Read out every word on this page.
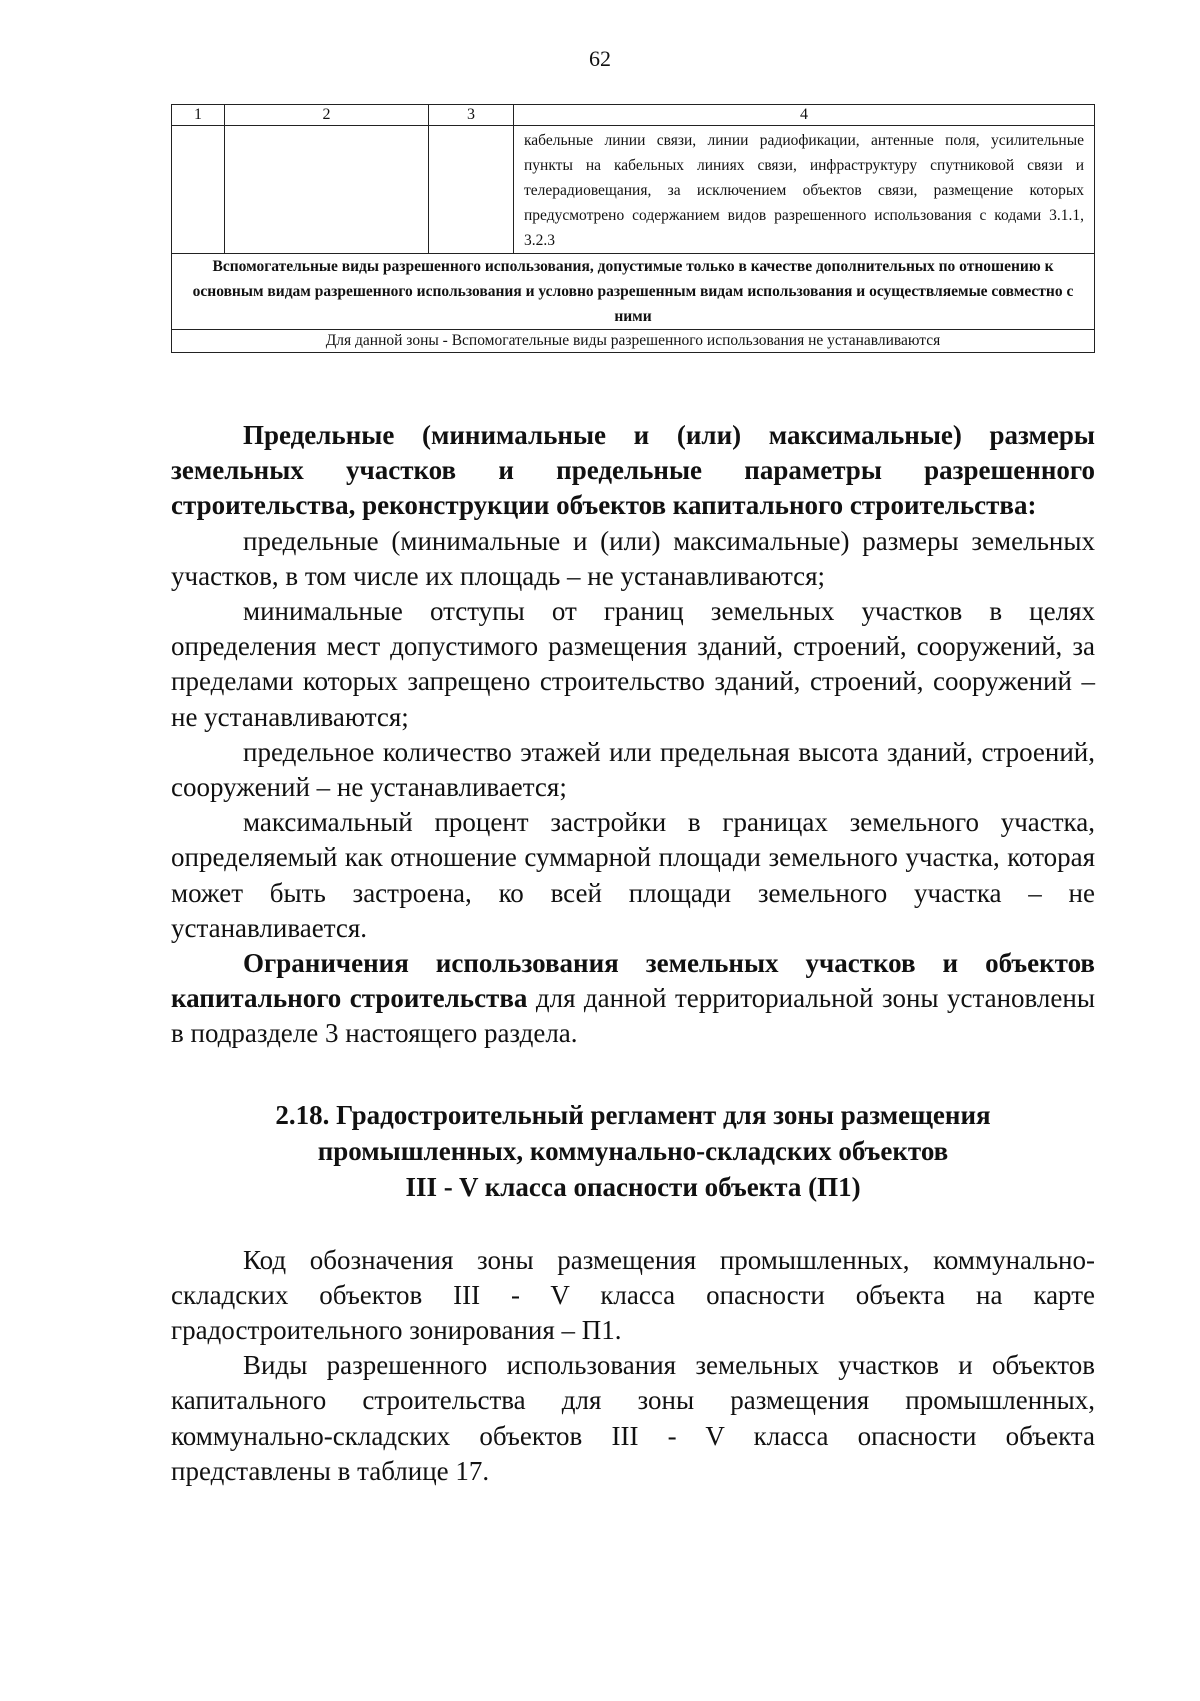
62
1	2	3	4
			кабельные линии связи, линии радиофикации, антенные поля, усилительные пункты на кабельных линиях связи, инфраструктуру спутниковой связи и телерадиовещания, за исключением объектов связи, размещение которых предусмотрено содержанием видов разрешенного использования с кодами 3.1.1, 3.2.3
Вспомогательные виды разрешенного использования, допустимые только в качестве дополнительных по отношению к основным видам разрешенного использования и условно разрешенным видам использования и осуществляемые совместно с ними			
Для данной зоны - Вспомогательные виды разрешенного использования не устанавливаются			

Предельные (минимальные и (или) максимальные) размеры земельных участков и предельные параметры разрешенного строительства, реконструкции объектов капитального строительства:

предельные (минимальные и (или) максимальные) размеры земельных участков, в том числе их площадь – не устанавливаются;

минимальные отступы от границ земельных участков в целях определения мест допустимого размещения зданий, строений, сооружений, за пределами которых запрещено строительство зданий, строений, сооружений – не устанавливаются;

предельное количество этажей или предельная высота зданий, строений, сооружений – не устанавливается;

максимальный процент застройки в границах земельного участка, определяемый как отношение суммарной площади земельного участка, которая может быть застроена, ко всей площади земельного участка – не устанавливается.

Ограничения использования земельных участков и объектов капитального строительства для данной территориальной зоны установлены в подразделе 3 настоящего раздела.

2.18. Градостроительный регламент для зоны размещения
промышленных, коммунально-складских объектов
III - V класса опасности объекта (П1)

Код обозначения зоны размещения промышленных, коммунально-складских объектов III - V класса опасности объекта на карте градостроительного зонирования – П1.

Виды разрешенного использования земельных участков и объектов капитального строительства для зоны размещения промышленных, коммунально-складских объектов III - V класса опасности объекта представлены в таблице 17.
